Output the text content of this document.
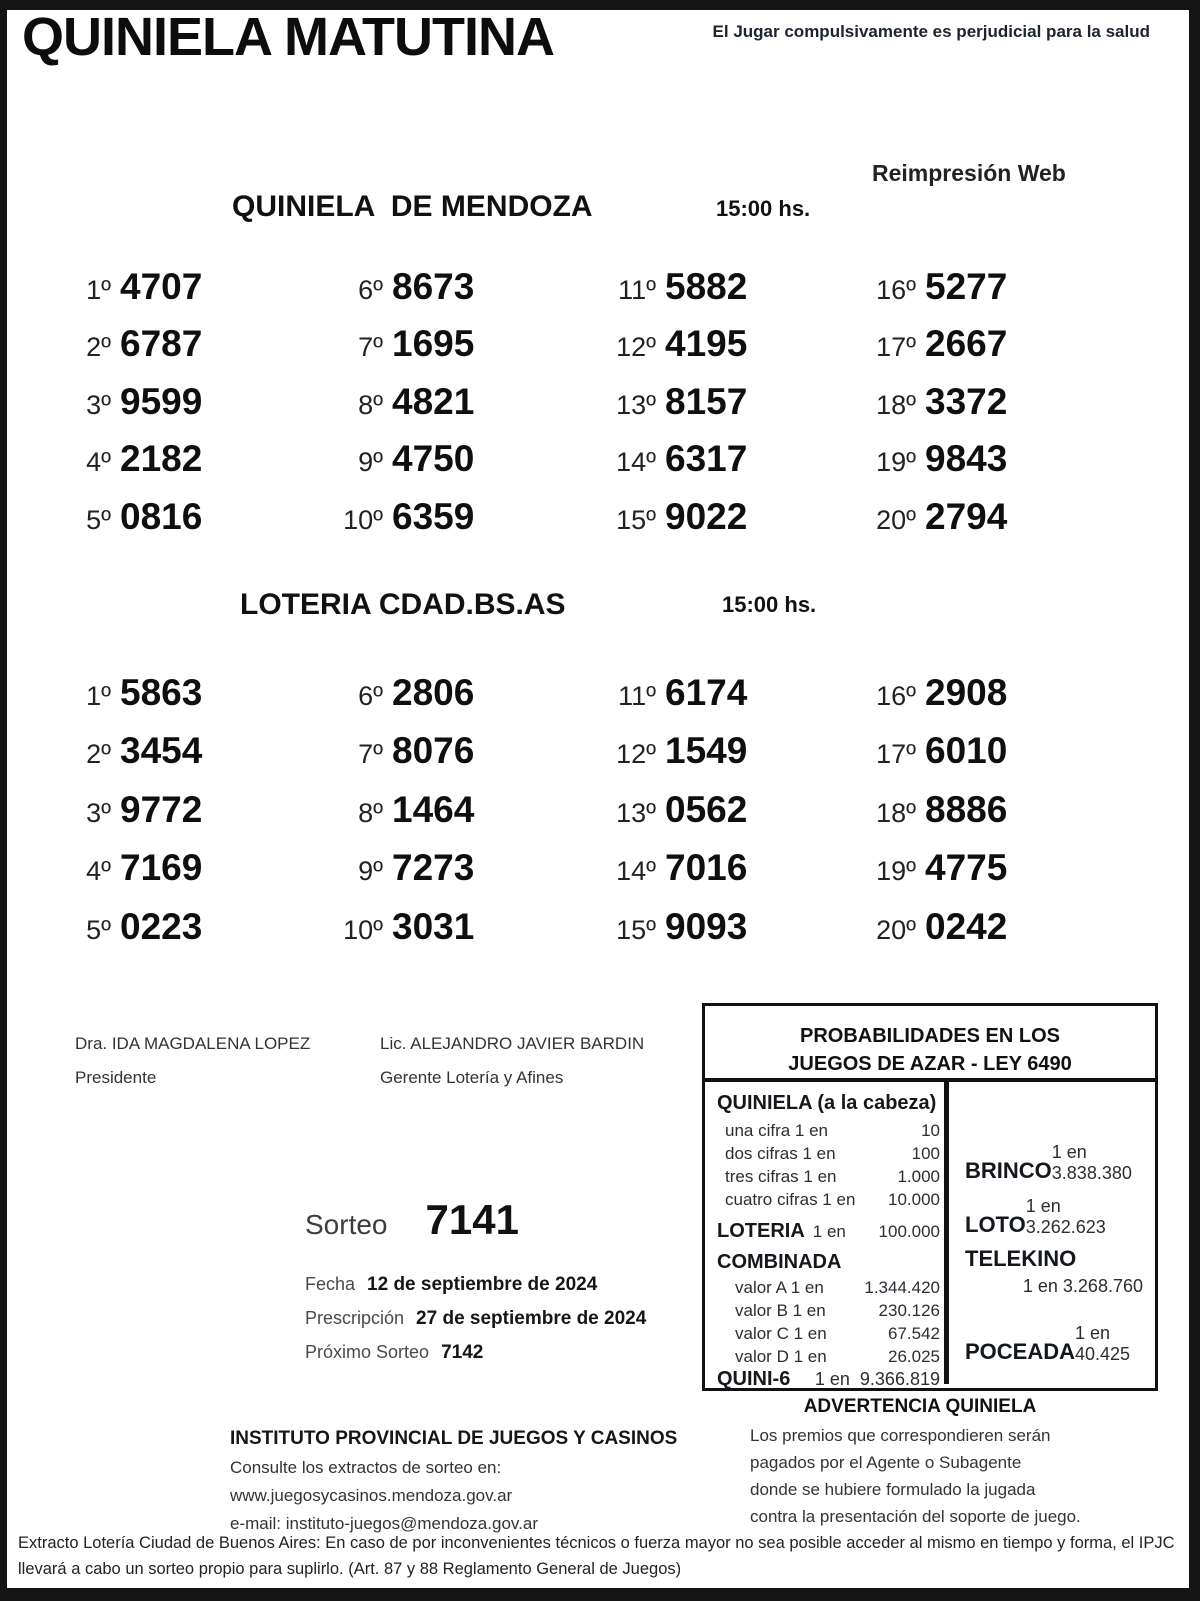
QUINIELA MATUTINA	El Jugar compulsivamente es perjudicial para la salud
Reimpresión Web
QUINIELA  DE MENDOZA	15:00 hs.
1º 4707
2º 6787
3º 9599
4º 2182
5º 0816
6º 8673
7º 1695
8º 4821
9º 4750
10º 6359
11º 5882
12º 4195
13º 8157
14º 6317
15º 9022
16º 5277
17º 2667
18º 3372
19º 9843
20º 2794
LOTERIA CDAD.BS.AS	15:00 hs.
1º 5863
2º 3454
3º 9772
4º 7169
5º 0223
6º 2806
7º 8076
8º 1464
9º 7273
10º 3031
11º 6174
12º 1549
13º 0562
14º 7016
15º 9093
16º 2908
17º 6010
18º 8886
19º 4775
20º 0242
Dra. IDA MAGDALENA LOPEZ
Presidente
Lic. ALEJANDRO JAVIER BARDIN
Gerente Lotería y Afines
Sorteo 7141
Fecha 12 de septiembre de 2024
Prescripción 27 de septiembre de 2024
Próximo Sorteo 7142
PROBABILIDADES EN LOS
JUEGOS DE AZAR - LEY 6490
QUINIELA (a la cabeza)
una cifra 1 en	10
dos cifras 1 en	100
tres cifras 1 en	1.000
cuatro cifras 1 en 10.000
LOTERIA 1 en	100.000
COMBINADA
valor A 1 en 1.344.420
valor B 1 en	230.126
valor C 1 en	67.542
valor D 1 en	26.025
QUINI-6 1 en  9.366.819
BRINCO
1 en 3.838.380
LOTO
1 en 3.262.623
TELEKINO
1 en 3.268.760
POCEADA
1 en 40.425
ADVERTENCIA QUINIELA
Los premios que correspondieren serán
pagados por el Agente o Subagente
donde se hubiere formulado la jugada
contra la presentación del soporte de juego.
INSTITUTO PROVINCIAL DE JUEGOS Y CASINOS
Consulte los extractos de sorteo en:
www.juegosycasinos.mendoza.gov.ar
e-mail: instituto-juegos@mendoza.gov.ar
Extracto Lotería Ciudad de Buenos Aires: En caso de por inconvenientes técnicos o fuerza mayor no sea posible acceder al mismo en tiempo y forma, el IPJC llevará a cabo un sorteo propio para suplirlo. (Art. 87 y 88 Reglamento General de Juegos)
